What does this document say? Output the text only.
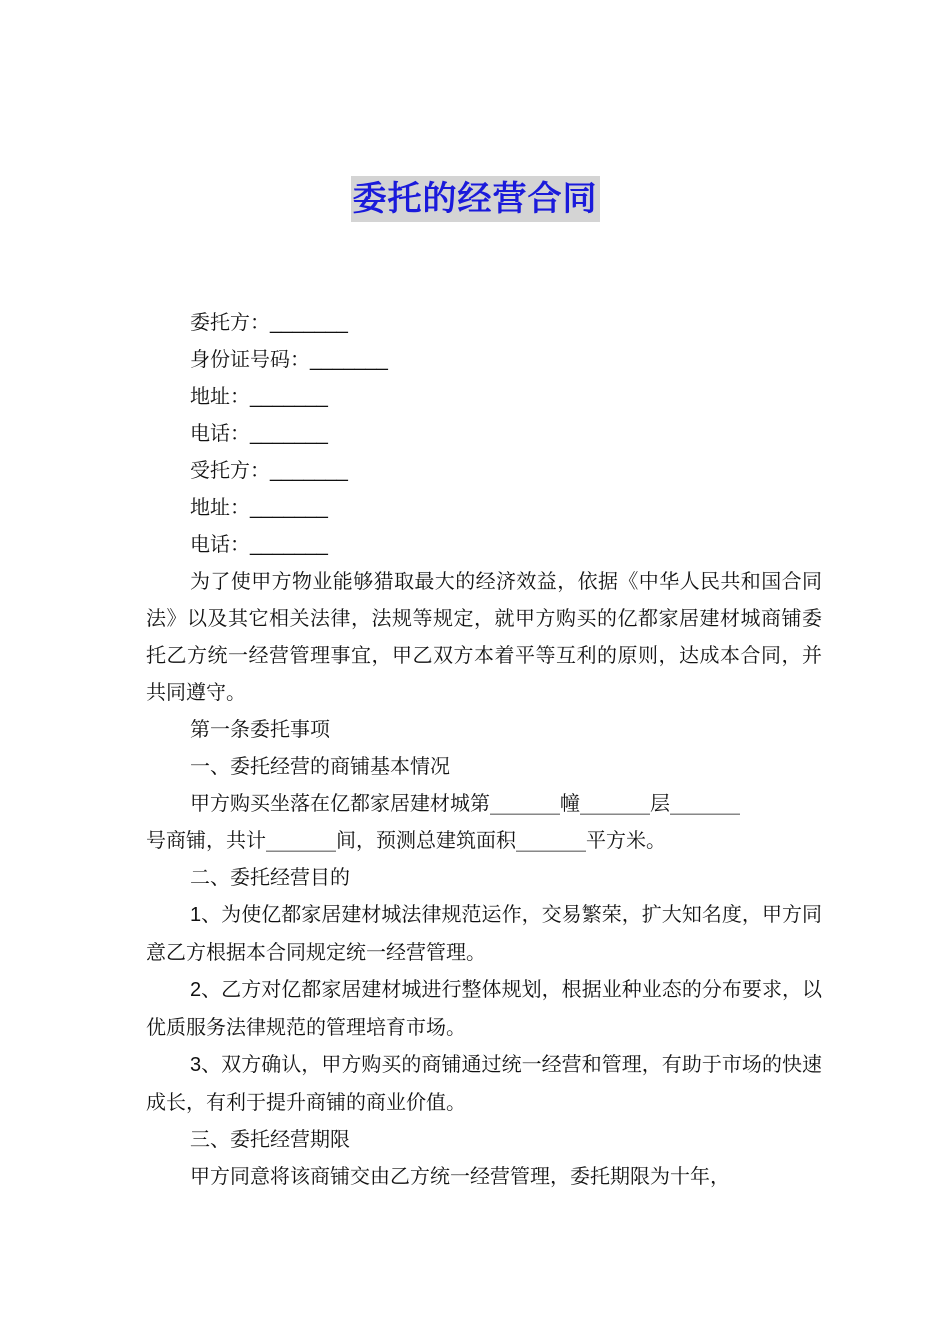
委托的经营合同
委托方：_______
身份证号码：_______
地址：_______
电话：_______
受托方：_______
地址：_______
电话：_______
为了使甲方物业能够猎取最大的经济效益，依据《中华人民共和国合同法》以及其它相关法律，法规等规定，就甲方购买的亿都家居建材城商铺委托乙方统一经营管理事宜，甲乙双方本着平等互利的原则，达成本合同，并共同遵守。
第一条委托事项
一、委托经营的商铺基本情况
甲方购买坐落在亿都家居建材城第_______幢_______层_______
号商铺，共计_______间，预测总建筑面积_______平方米。
二、委托经营目的
1、为使亿都家居建材城法律规范运作，交易繁荣，扩大知名度，甲方同意乙方根据本合同规定统一经营管理。
2、乙方对亿都家居建材城进行整体规划，根据业种业态的分布要求，以优质服务法律规范的管理培育市场。
3、双方确认，甲方购买的商铺通过统一经营和管理，有助于市场的快速成长，有利于提升商铺的商业价值。
三、委托经营期限
甲方同意将该商铺交由乙方统一经营管理，委托期限为十年，
